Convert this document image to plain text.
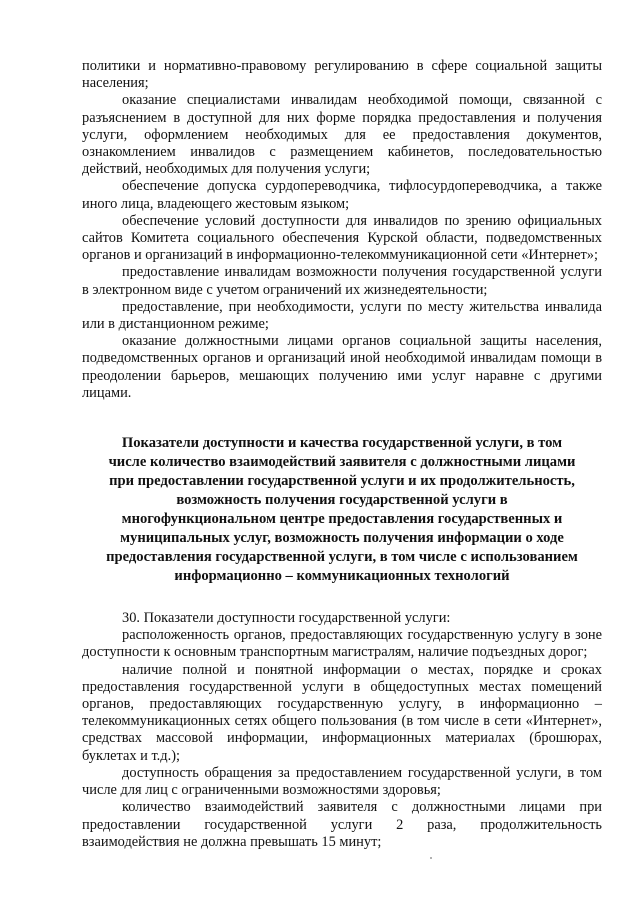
политики и нормативно-правовому регулированию в сфере социальной защиты населения;

оказание специалистами инвалидам необходимой помощи, связанной с разъяснением в доступной для них форме порядка предоставления и получения услуги, оформлением необходимых для ее предоставления документов, ознакомлением инвалидов с размещением кабинетов, последовательностью действий, необходимых для получения услуги;

обеспечение допуска сурдопереводчика, тифлосурдопереводчика, а также иного лица, владеющего жестовым языком;

обеспечение условий доступности для инвалидов по зрению официальных сайтов Комитета социального обеспечения Курской области, подведомственных органов и организаций в информационно-телекоммуникационной сети «Интернет»;

предоставление инвалидам возможности получения государственной услуги в электронном виде с учетом ограничений их жизнедеятельности;

предоставление, при необходимости, услуги по месту жительства инвалида или в дистанционном режиме;

оказание должностными лицами органов социальной защиты населения, подведомственных органов и организаций иной необходимой инвалидам помощи в преодолении барьеров, мешающих получению ими услуг наравне с другими лицами.

Показатели доступности и качества государственной услуги, в том
числе количество взаимодействий заявителя с должностными лицами
при предоставлении государственной услуги и их продолжительность,
возможность получения государственной услуги в
многофункциональном центре предоставления государственных и
муниципальных услуг, возможность получения информации о ходе
предоставления государственной услуги, в том числе с использованием
информационно – коммуникационных технологий

30. Показатели доступности государственной услуги:

расположенность органов, предоставляющих государственную услугу в зоне доступности к основным транспортным магистралям, наличие подъездных дорог;

наличие полной и понятной информации о местах, порядке и сроках предоставления государственной услуги в общедоступных местах помещений органов, предоставляющих государственную услугу, в информационно – телекоммуникационных сетях общего пользования (в том числе в сети «Интернет», средствах массовой информации, информационных материалах (брошюрах, буклетах и т.д.);

доступность обращения за предоставлением государственной услуги, в том числе для лиц с ограниченными возможностями здоровья;

количество взаимодействий заявителя с должностными лицами при предоставлении государственной услуги 2 раза, продолжительность взаимодействия не должна превышать 15 минут;
